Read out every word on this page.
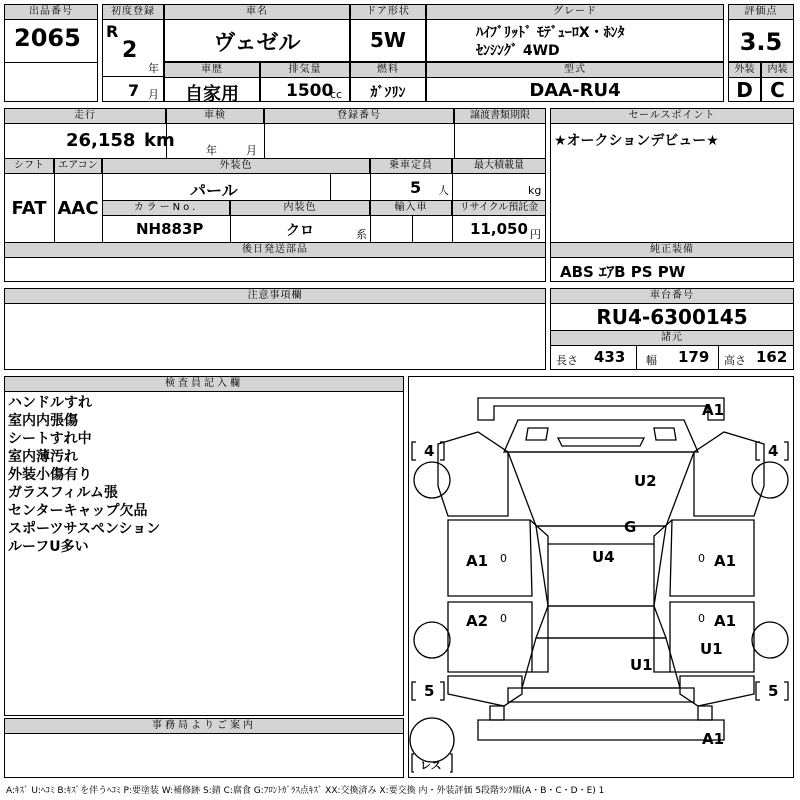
出品番号
2065
初度登録
R
2
年
7 月
車名
ヴェゼル
ドア形状
5W
グレード
ﾊｲﾌﾞﾘｯﾄﾞ ﾓﾃﾞｭｰﾛX・ﾎﾝﾀ
ｾﾝｼﾝｸﾞ 4WD
評価点
3.5
車歴
自家用
排気量
1500
cc
燃料
ｶﾞｿﾘﾝ
型式
DAA-RU4
外装
D
内装
C
走行
26,158 km
車検
年	月
登録番号	譲渡書類期限
シフト
FAT
エアコン
AAC
外装色
パール
乗車定員
5 人
最大積載量
kg
カラーNo.
NH883P
内装色
クロ	系
輸入車	リサイクル預託金
11,050 円
後日発送部品
セールスポイント
★オークションデビュー★
純正装備
ABS ｴｱB PS PW
注意事項欄	車台番号
RU4-6300145
諸元
長さ 433 幅 179 高さ 162
検査員記入欄
ハンドルすれ
室内内張傷
シートすれ中
室内薄汚れ
外装小傷有り
ガラスフィルム張
センターキャップ欠品
スポーツサスペンション
ルーフU多い
事務局よりご案内
A1
U2
G
U4
A1	A1
A2	A1
U1
U1
A1
0	0
0	0
4	4
5	5
レス
A:ｷｽﾞ U:ﾍｺﾐ B:ｷｽﾞを伴うﾍｺﾐ P:要塗装 W:補修跡 S:錆 C:腐食 G:ﾌﾛﾝﾄｶﾞﾗｽ点ｷｽﾞ XX:交換済み X:要交換 内・外装評価 5段階ﾗﾝｸ順(A・B・C・D・E) 1
